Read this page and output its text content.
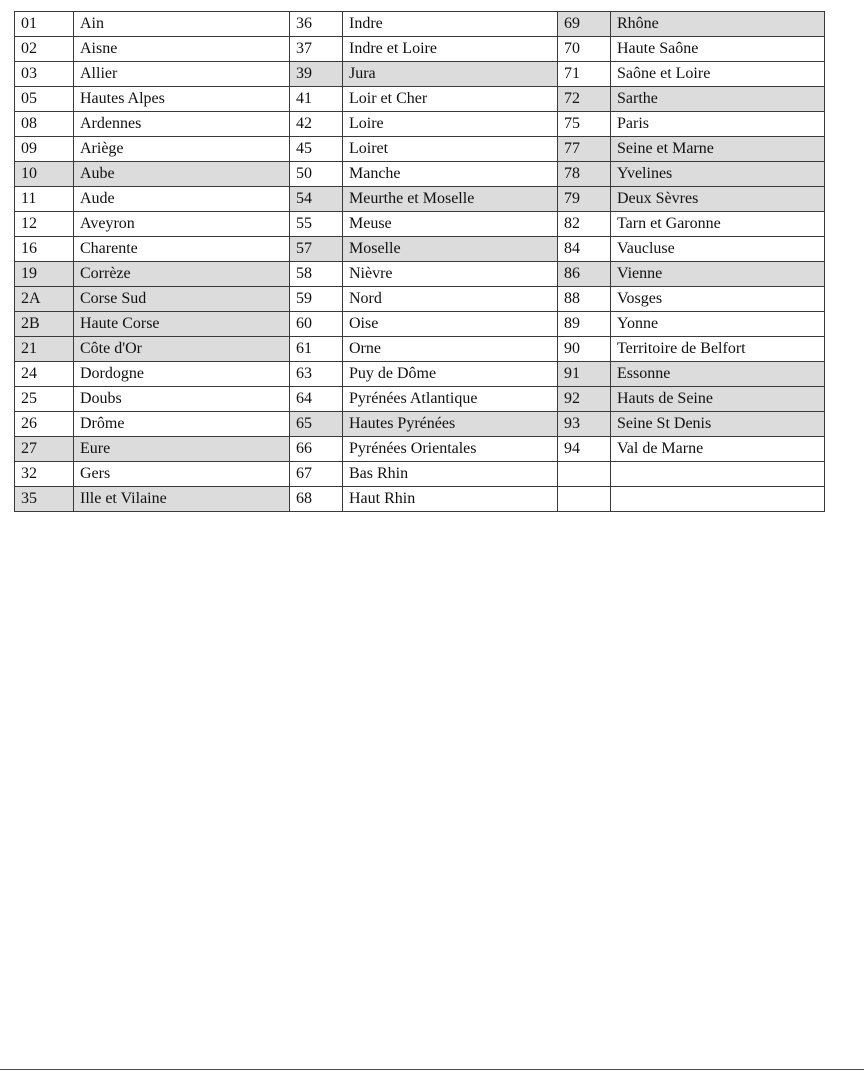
01	Ain	36	Indre	69	Rhône
02	Aisne	37	Indre et Loire	70	Haute Saône
03	Allier	39	Jura	71	Saône et Loire
05	Hautes Alpes	41	Loir et Cher	72	Sarthe
08	Ardennes	42	Loire	75	Paris
09	Ariège	45	Loiret	77	Seine et Marne
10	Aube	50	Manche	78	Yvelines
11	Aude	54	Meurthe et Moselle	79	Deux Sèvres
12	Aveyron	55	Meuse	82	Tarn et Garonne
16	Charente	57	Moselle	84	Vaucluse
19	Corrèze	58	Nièvre	86	Vienne
2A	Corse Sud	59	Nord	88	Vosges
2B	Haute Corse	60	Oise	89	Yonne
21	Côte d'Or	61	Orne	90	Territoire de Belfort
24	Dordogne	63	Puy de Dôme	91	Essonne
25	Doubs	64	Pyrénées Atlantique	92	Hauts de Seine
26	Drôme	65	Hautes Pyrénées	93	Seine St Denis
27	Eure	66	Pyrénées Orientales	94	Val de Marne
32	Gers	67	Bas Rhin		
35	Ille et Vilaine	68	Haut Rhin		
